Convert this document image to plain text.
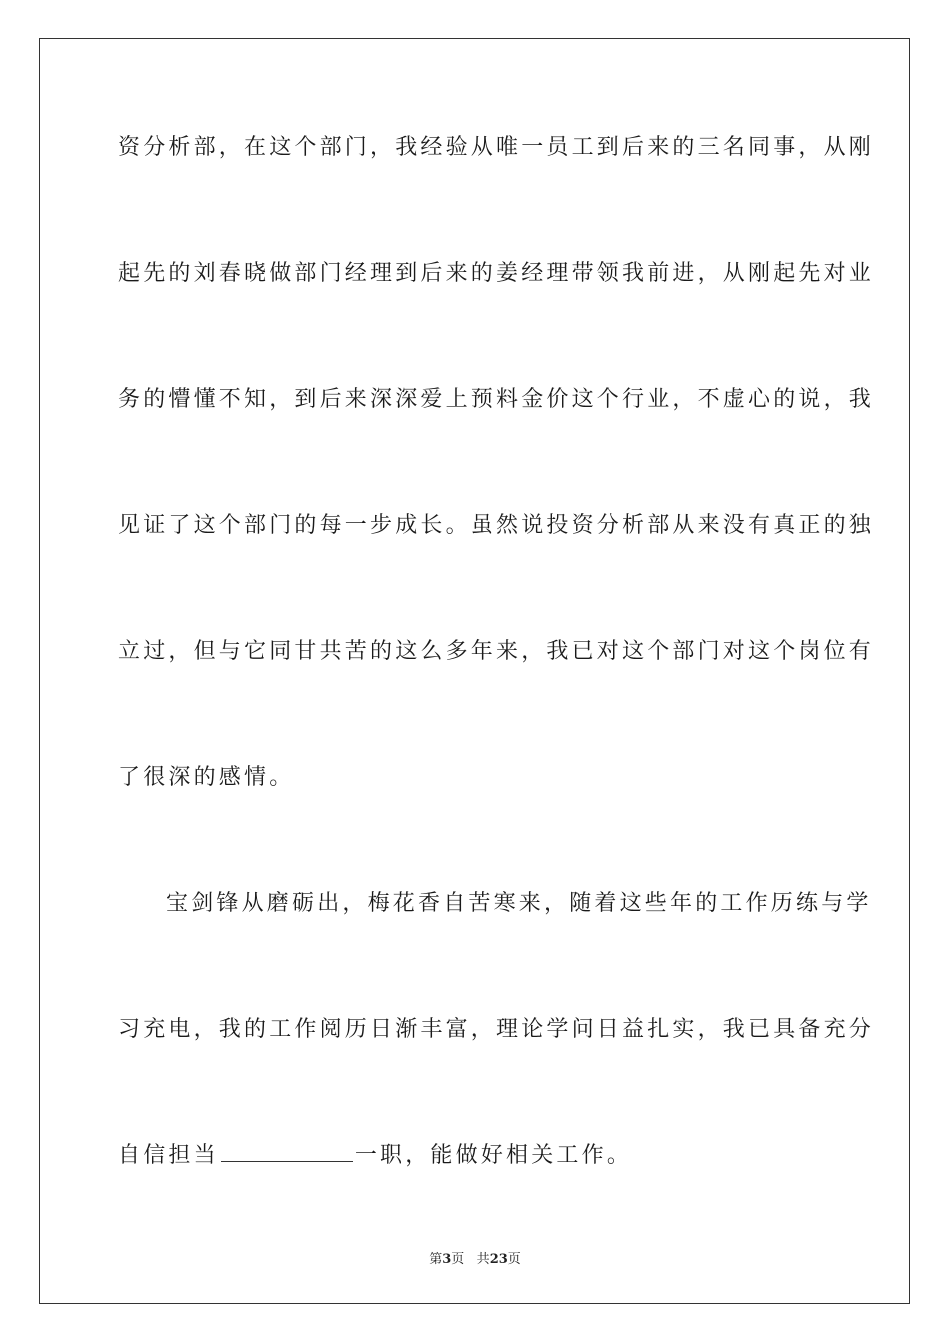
资分析部，在这个部门，我经验从唯一员工到后来的三名同事，从刚
起先的刘春晓做部门经理到后来的姜经理带领我前进，从刚起先对业
务的懵懂不知，到后来深深爱上预料金价这个行业，不虚心的说，我
见证了这个部门的每一步成长。虽然说投资分析部从来没有真正的独
立过，但与它同甘共苦的这么多年来，我已对这个部门对这个岗位有
了很深的感情。
宝剑锋从磨砺出，梅花香自苦寒来，随着这些年的工作历练与学
习充电，我的工作阅历日渐丰富，理论学问日益扎实，我已具备充分
自信担当	一职，能做好相关工作。
第3页 共23页
